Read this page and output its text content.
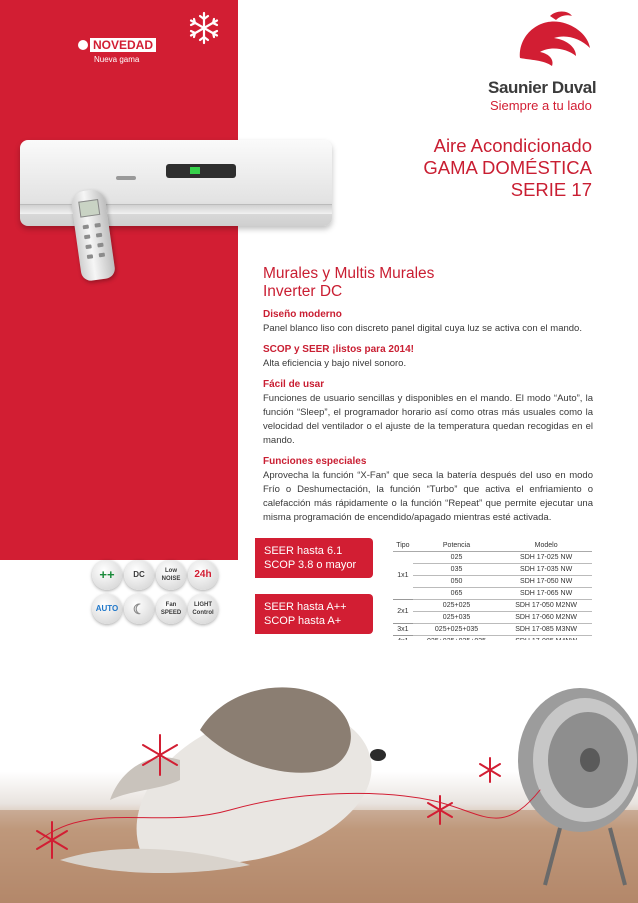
NOVEDAD
Nueva gama
Saunier Duval
Siempre a tu lado
Aire Acondicionado
GAMA DOMÉSTICA
SERIE 17
Murales y Multis Murales
Inverter DC
Diseño moderno

Panel blanco liso con discreto panel digital cuya luz se activa con el mando.

SCOP y SEER ¡listos para 2014!

Alta eficiencia y bajo nivel sonoro.

Fácil de usar

Funciones de usuario sencillas y disponibles en el mando. El modo “Auto”, la función “Sleep”, el programador horario así como otras más usuales como la velocidad del ventilador o el ajuste de la temperatura quedan recogidas en el mando.

Funciones especiales

Aprovecha la función “X-Fan” que seca la batería después del uso en modo Frío o Deshumectación, la función “Turbo” que activa el enfriamiento o calefacción más rápidamente o la función “Repeat” que permite ejecutar una misma programación de encendido/apagado mientras esté activada.

SEER hasta 6.1
SCOP 3.8 o mayor
SEER hasta A++
SCOP hasta A+
++	DC	Low NOISE	24h
AUTO	☾	Fan SPEED
LIGHT Control
Tipo	Potencia	Modelo
1x1	025	SDH 17-025 NW
	035	SDH 17-035 NW
	050	SDH 17-050 NW
	065	SDH 17-065 NW
2x1	025+025	SDH 17-050 M2NW
	025+035	SDH 17-060 M2NW
3x1	025+025+035	SDH 17-085 M3NW
